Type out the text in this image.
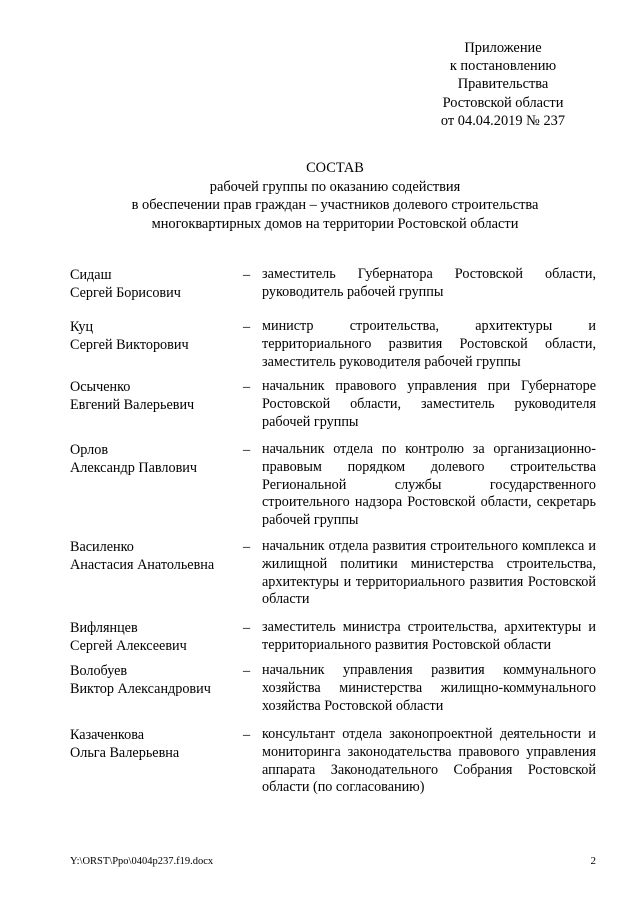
Приложение
к постановлению
Правительства
Ростовской области
от 04.04.2019 № 237
СОСТАВ
рабочей группы по оказанию содействия
в обеспечении прав граждан – участников долевого строительства
многоквартирных домов на территории Ростовской области
Сидаш
Сергей Борисович
– заместитель Губернатора Ростовской области, руководитель рабочей группы
Куц
Сергей Викторович
– министр строительства, архитектуры и территориального развития Ростовской области, заместитель руководителя рабочей группы
Осыченко
Евгений Валерьевич
– начальник правового управления при Губернаторе Ростовской области, заместитель руководителя рабочей группы
Орлов
Александр Павлович
– начальник отдела по контролю за организационно-правовым порядком долевого строительства Региональной службы государственного строительного надзора Ростовской области, секретарь рабочей группы
Василенко
Анастасия Анатольевна
– начальник отдела развития строительного комплекса и жилищной политики министерства строительства, архитектуры и территориального развития Ростовской области
Вифлянцев
Сергей Алексеевич
– заместитель министра строительства, архитектуры и территориального развития Ростовской области
Волобуев
Виктор Александрович
– начальник управления развития коммунального хозяйства министерства жилищно-коммунального хозяйства Ростовской области
Казаченкова
Ольга Валерьевна
– консультант отдела законопроектной деятельности и мониторинга законодательства правового управления аппарата Законодательного Собрания Ростовской области (по согласованию)
Y:\ORST\Ppo\0404p237.f19.docx	2
